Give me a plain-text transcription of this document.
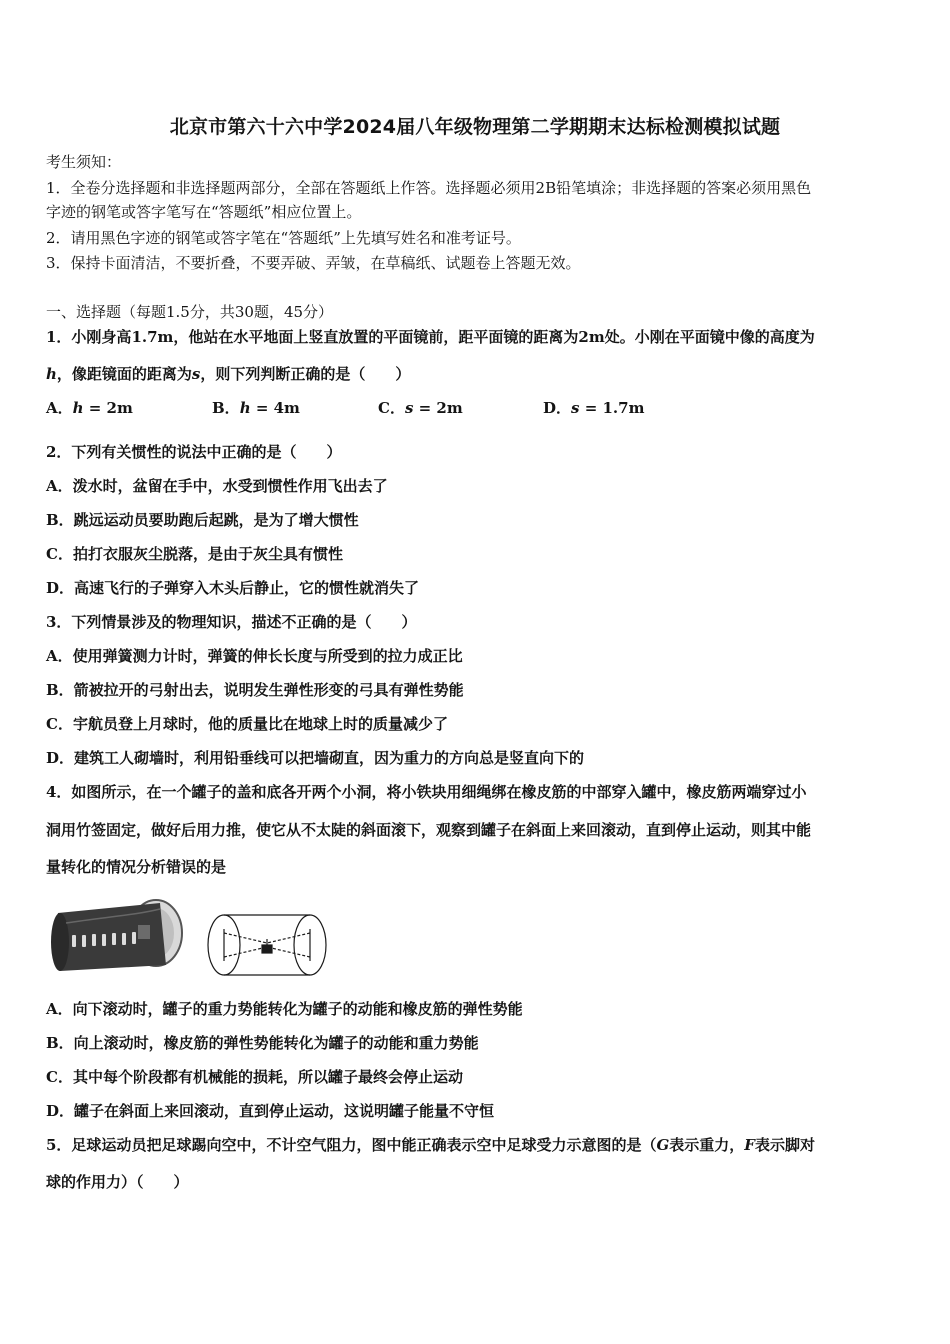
北京市第六十六中学2024届八年级物理第二学期期末达标检测模拟试题
考生须知：
1．全卷分选择题和非选择题两部分，全部在答题纸上作答。选择题必须用2B铅笔填涂；非选择题的答案必须用黑色
字迹的钢笔或答字笔写在“答题纸”相应位置上。
2．请用黑色字迹的钢笔或答字笔在“答题纸”上先填写姓名和准考证号。
3．保持卡面清洁，不要折叠，不要弄破、弄皱，在草稿纸、试题卷上答题无效。
一、选择题（每题1.5分，共30题，45分）
1．小刚身高1.7m，他站在水平地面上竖直放置的平面镜前，距平面镜的距离为2m处。小刚在平面镜中像的高度为
h，像距镜面的距离为s，则下列判断正确的是（　　）
A．h = 2m	B．h = 4m	C．s = 2m	D．s = 1.7m
2．下列有关惯性的说法中正确的是（　　）
A．泼水时，盆留在手中，水受到惯性作用飞出去了
B．跳远运动员要助跑后起跳，是为了增大惯性
C．拍打衣服灰尘脱落，是由于灰尘具有惯性
D．高速飞行的子弹穿入木头后静止，它的惯性就消失了
3．下列情景涉及的物理知识，描述不正确的是（　　）
A．使用弹簧测力计时，弹簧的伸长长度与所受到的拉力成正比
B．箭被拉开的弓射出去，说明发生弹性形变的弓具有弹性势能
C．宇航员登上月球时，他的质量比在地球上时的质量减少了
D．建筑工人砌墙时，利用铅垂线可以把墙砌直，因为重力的方向总是竖直向下的
4．如图所示，在一个罐子的盖和底各开两个小洞，将小铁块用细绳绑在橡皮筋的中部穿入罐中，橡皮筋两端穿过小
洞用竹签固定，做好后用力推，使它从不太陡的斜面滚下，观察到罐子在斜面上来回滚动，直到停止运动，则其中能
量转化的情况分析错误的是
A．向下滚动时，罐子的重力势能转化为罐子的动能和橡皮筋的弹性势能
B．向上滚动时，橡皮筋的弹性势能转化为罐子的动能和重力势能
C．其中每个阶段都有机械能的损耗，所以罐子最终会停止运动
D．罐子在斜面上来回滚动，直到停止运动，这说明罐子能量不守恒
5．足球运动员把足球踢向空中，不计空气阻力，图中能正确表示空中足球受力示意图的是（G表示重力，F表示脚对
球的作用力）（　　）
